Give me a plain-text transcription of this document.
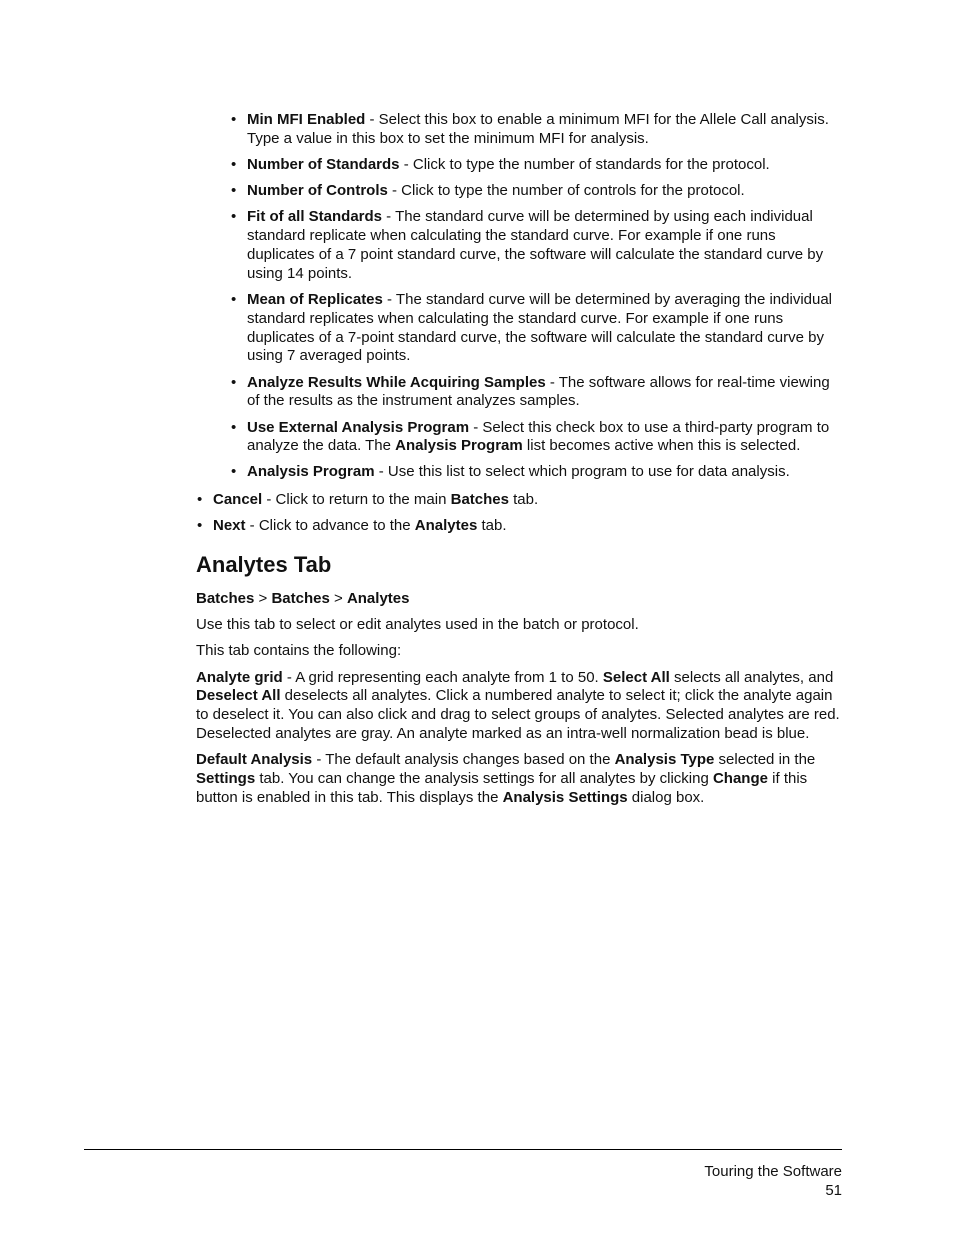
• Min MFI Enabled - Select this box to enable a minimum MFI for the Allele Call analysis. Type a value in this box to set the minimum MFI for analysis.
• Number of Standards - Click to type the number of standards for the protocol.
• Number of Controls - Click to type the number of controls for the protocol.
• Fit of all Standards - The standard curve will be determined by using each individual standard replicate when calculating the standard curve. For example if one runs duplicates of a 7 point standard curve, the software will calculate the standard curve by using 14 points.
• Mean of Replicates - The standard curve will be determined by averaging the individual standard replicates when calculating the standard curve. For example if one runs duplicates of a 7-point standard curve, the software will calculate the standard curve by using 7 averaged points.
• Analyze Results While Acquiring Samples - The software allows for real-time viewing of the results as the instrument analyzes samples.
• Use External Analysis Program - Select this check box to use a third-party program to analyze the data. The Analysis Program list becomes active when this is selected.
• Analysis Program - Use this list to select which program to use for data analysis.
• Cancel - Click to return to the main Batches tab.
• Next - Click to advance to the Analytes tab.
Analytes Tab

Batches > Batches > Analytes

Use this tab to select or edit analytes used in the batch or protocol.

This tab contains the following:

Analyte grid - A grid representing each analyte from 1 to 50. Select All selects all analytes, and Deselect All deselects all analytes. Click a numbered analyte to select it; click the analyte again to deselect it. You can also click and drag to select groups of analytes. Selected analytes are red. Deselected analytes are gray. An analyte marked as an intra-well normalization bead is blue.

Default Analysis - The default analysis changes based on the Analysis Type selected in the Settings tab. You can change the analysis settings for all analytes by clicking Change if this button is enabled in this tab. This displays the Analysis Settings dialog box.

Touring the Software
51
